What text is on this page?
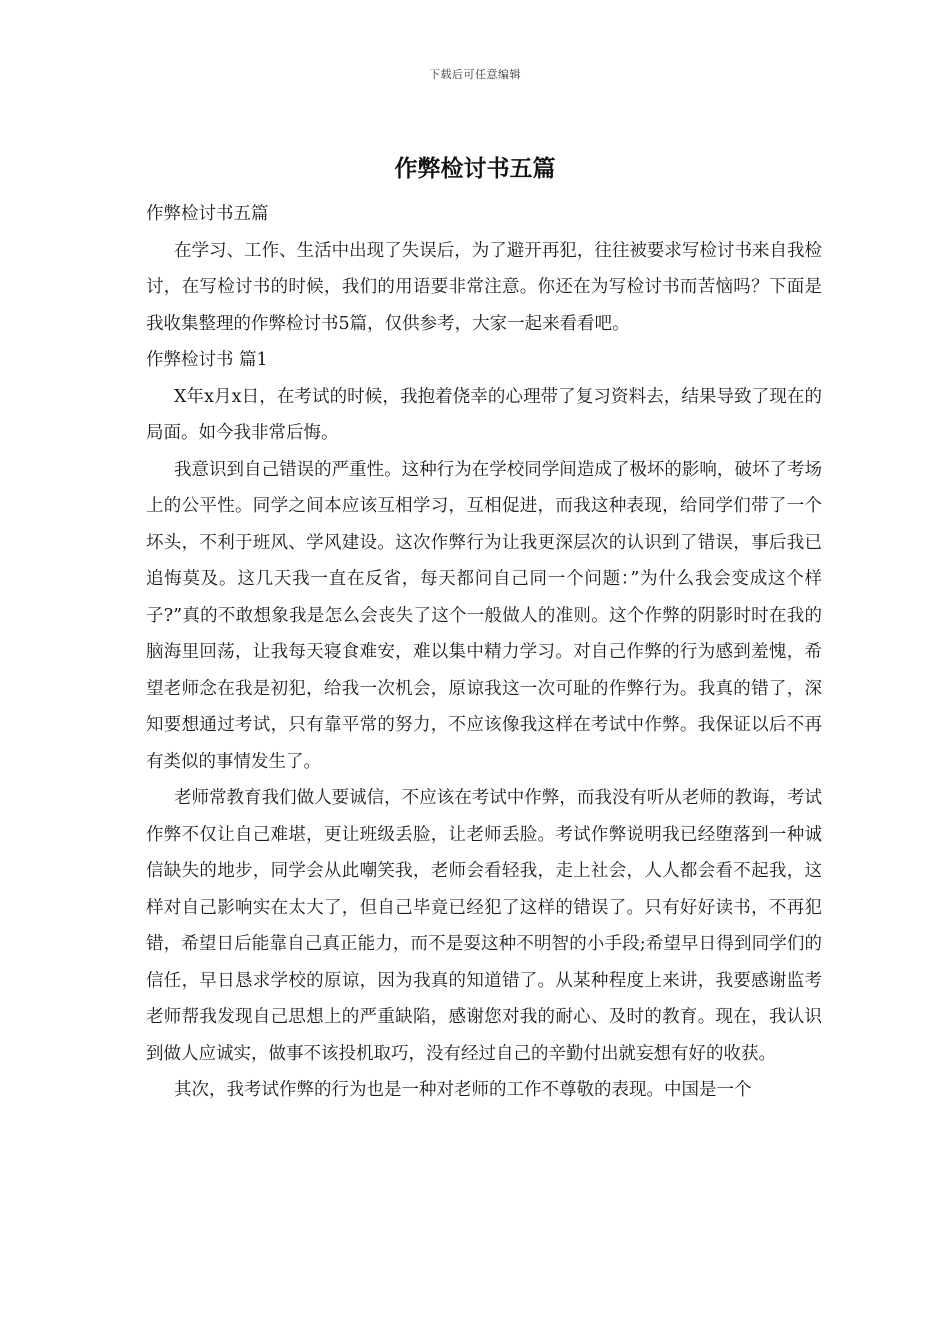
下载后可任意编辑
作弊检讨书五篇

作弊检讨书五篇

在学习、工作、生活中出现了失误后，为了避开再犯，往往被要求写检讨书来自我检讨，在写检讨书的时候，我们的用语要非常注意。你还在为写检讨书而苦恼吗？下面是我收集整理的作弊检讨书5篇，仅供参考，大家一起来看看吧。

作弊检讨书 篇1

X年x月x日，在考试的时候，我抱着侥幸的心理带了复习资料去，结果导致了现在的局面。如今我非常后悔。

我意识到自己错误的严重性。这种行为在学校同学间造成了极坏的影响，破坏了考场上的公平性。同学之间本应该互相学习，互相促进，而我这种表现，给同学们带了一个坏头，不利于班风、学风建设。这次作弊行为让我更深层次的认识到了错误，事后我已追悔莫及。这几天我一直在反省，每天都问自己同一个问题：”为什么我会变成这个样子?”真的不敢想象我是怎么会丧失了这个一般做人的准则。这个作弊的阴影时时在我的脑海里回荡，让我每天寝食难安，难以集中精力学习。对自己作弊的行为感到羞愧，希望老师念在我是初犯，给我一次机会，原谅我这一次可耻的作弊行为。我真的错了，深知要想通过考试，只有靠平常的努力，不应该像我这样在考试中作弊。我保证以后不再有类似的事情发生了。

老师常教育我们做人要诚信，不应该在考试中作弊，而我没有听从老师的教诲，考试作弊不仅让自己难堪，更让班级丢脸，让老师丢脸。考试作弊说明我已经堕落到一种诚信缺失的地步，同学会从此嘲笑我，老师会看轻我，走上社会，人人都会看不起我，这样对自己影响实在太大了，但自己毕竟已经犯了这样的错误了。只有好好读书，不再犯错，希望日后能靠自己真正能力，而不是耍这种不明智的小手段;希望早日得到同学们的信任，早日恳求学校的原谅，因为我真的知道错了。从某种程度上来讲，我要感谢监考老师帮我发现自己思想上的严重缺陷，感谢您对我的耐心、及时的教育。现在，我认识到做人应诚实，做事不该投机取巧，没有经过自己的辛勤付出就妄想有好的收获。

其次，我考试作弊的行为也是一种对老师的工作不尊敬的表现。中国是一个
